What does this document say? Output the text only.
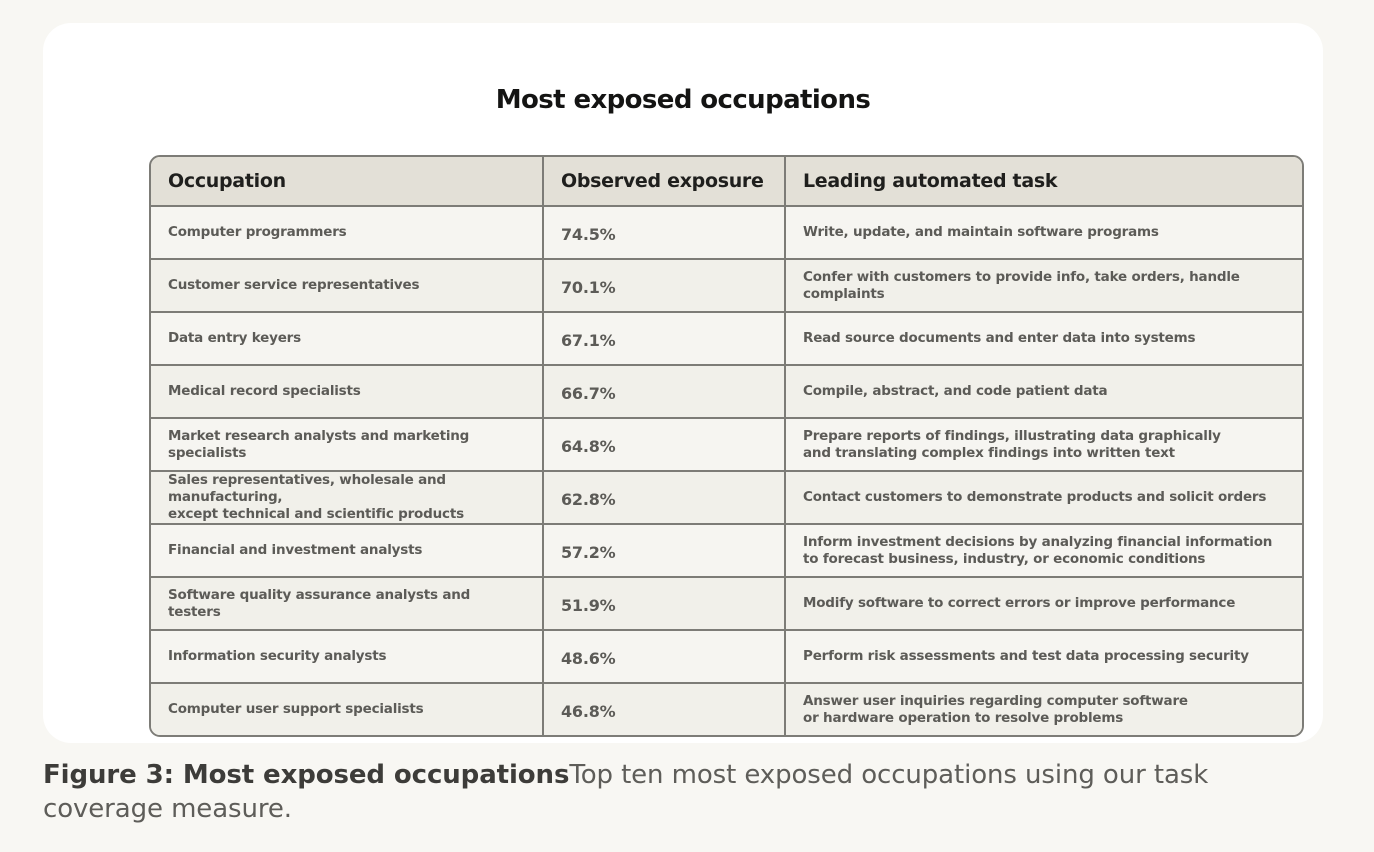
Most exposed occupations
Occupation	Observed exposure	Leading automated task
Computer programmers	74.5%	Write, update, and maintain software programs
Customer service representatives	70.1%	Confer with customers to provide info, take orders, handle complaints
Data entry keyers	67.1%	Read source documents and enter data into systems
Medical record specialists	66.7%	Compile, abstract, and code patient data
Market research analysts and marketing specialists	64.8%	Prepare reports of findings, illustrating data graphically
and translating complex findings into written text
Sales representatives, wholesale and manufacturing,
except technical and scientific products	62.8%	Contact customers to demonstrate products and solicit orders
Financial and investment analysts	57.2%	Inform investment decisions by analyzing financial information
to forecast business, industry, or economic conditions
Software quality assurance analysts and testers	51.9%	Modify software to correct errors or improve performance
Information security analysts	48.6%	Perform risk assessments and test data processing security
Computer user support specialists	46.8%	Answer user inquiries regarding computer software
or hardware operation to resolve problems

Figure 3: Most exposed occupationsTop ten most exposed occupations using our task coverage measure.
